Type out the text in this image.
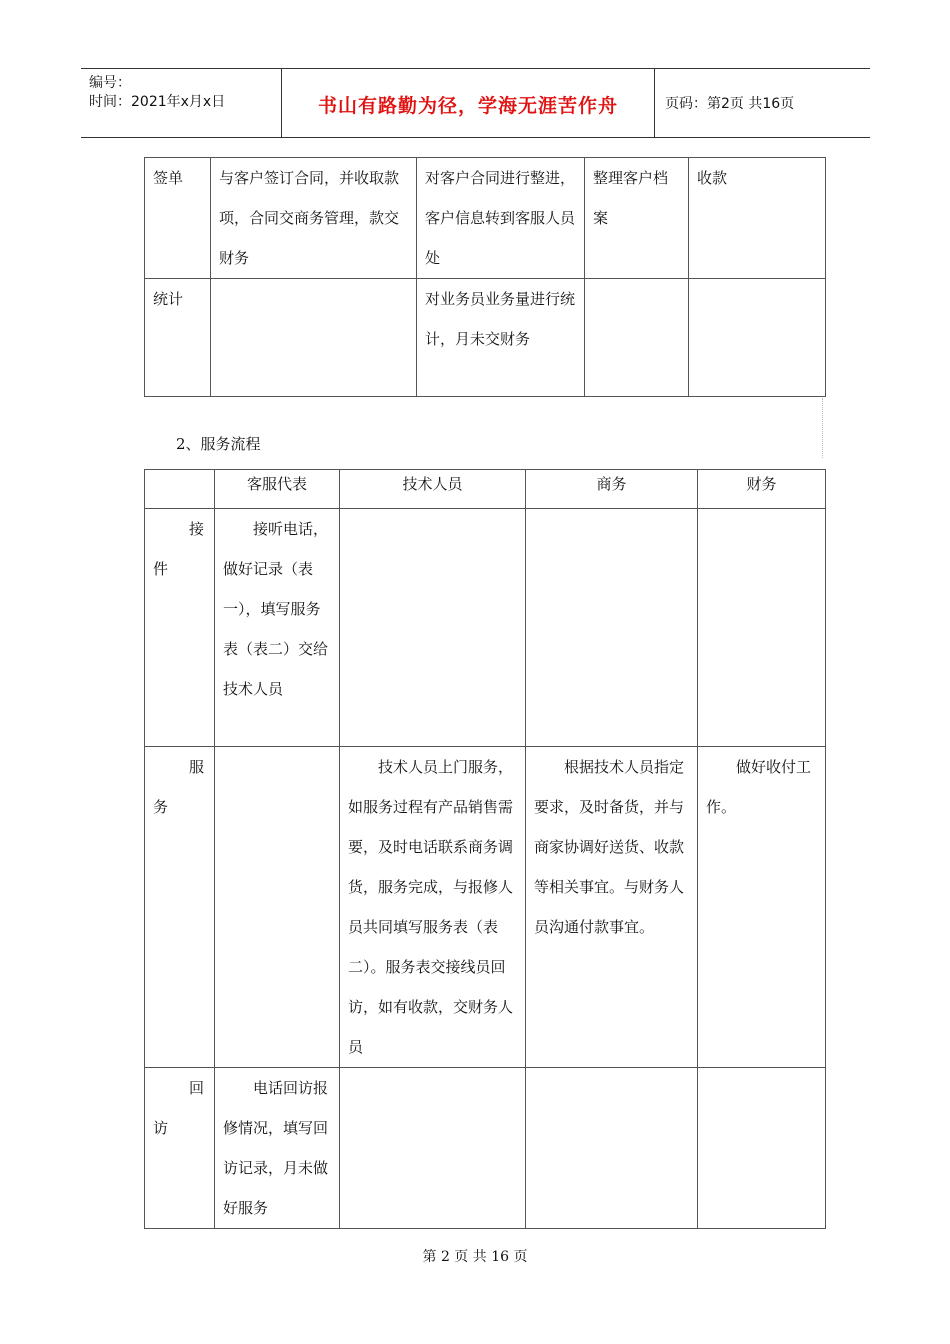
编号：
时间：2021年x月x日	书山有路勤为径，学海无涯苦作舟	页码：第2页 共16页
签单	与客户签订合同，并收取款项，合同交商务管理，款交财务	对客户合同进行整进，客户信息转到客服人员处	整理客户档案	收款
统计		对业务员业务量进行统计，月未交财务		
2、服务流程
	客服代表	技术人员	商务	财务

接
件	接听电话，做好记录（表一），填写服务表（表二）交给技术人员			

服
务		技术人员上门服务，如服务过程有产品销售需要，及时电话联系商务调货，服务完成，与报修人员共同填写服务表（表二）。服务表交接线员回访，如有收款，交财务人员	根据技术人员指定要求，及时备货，并与商家协调好送货、收款等相关事宜。与财务人员沟通付款事宜。	做好收付工作。

回
访	电话回访报修情况，填写回访记录，月未做好服务			
第 2 页 共 16 页
